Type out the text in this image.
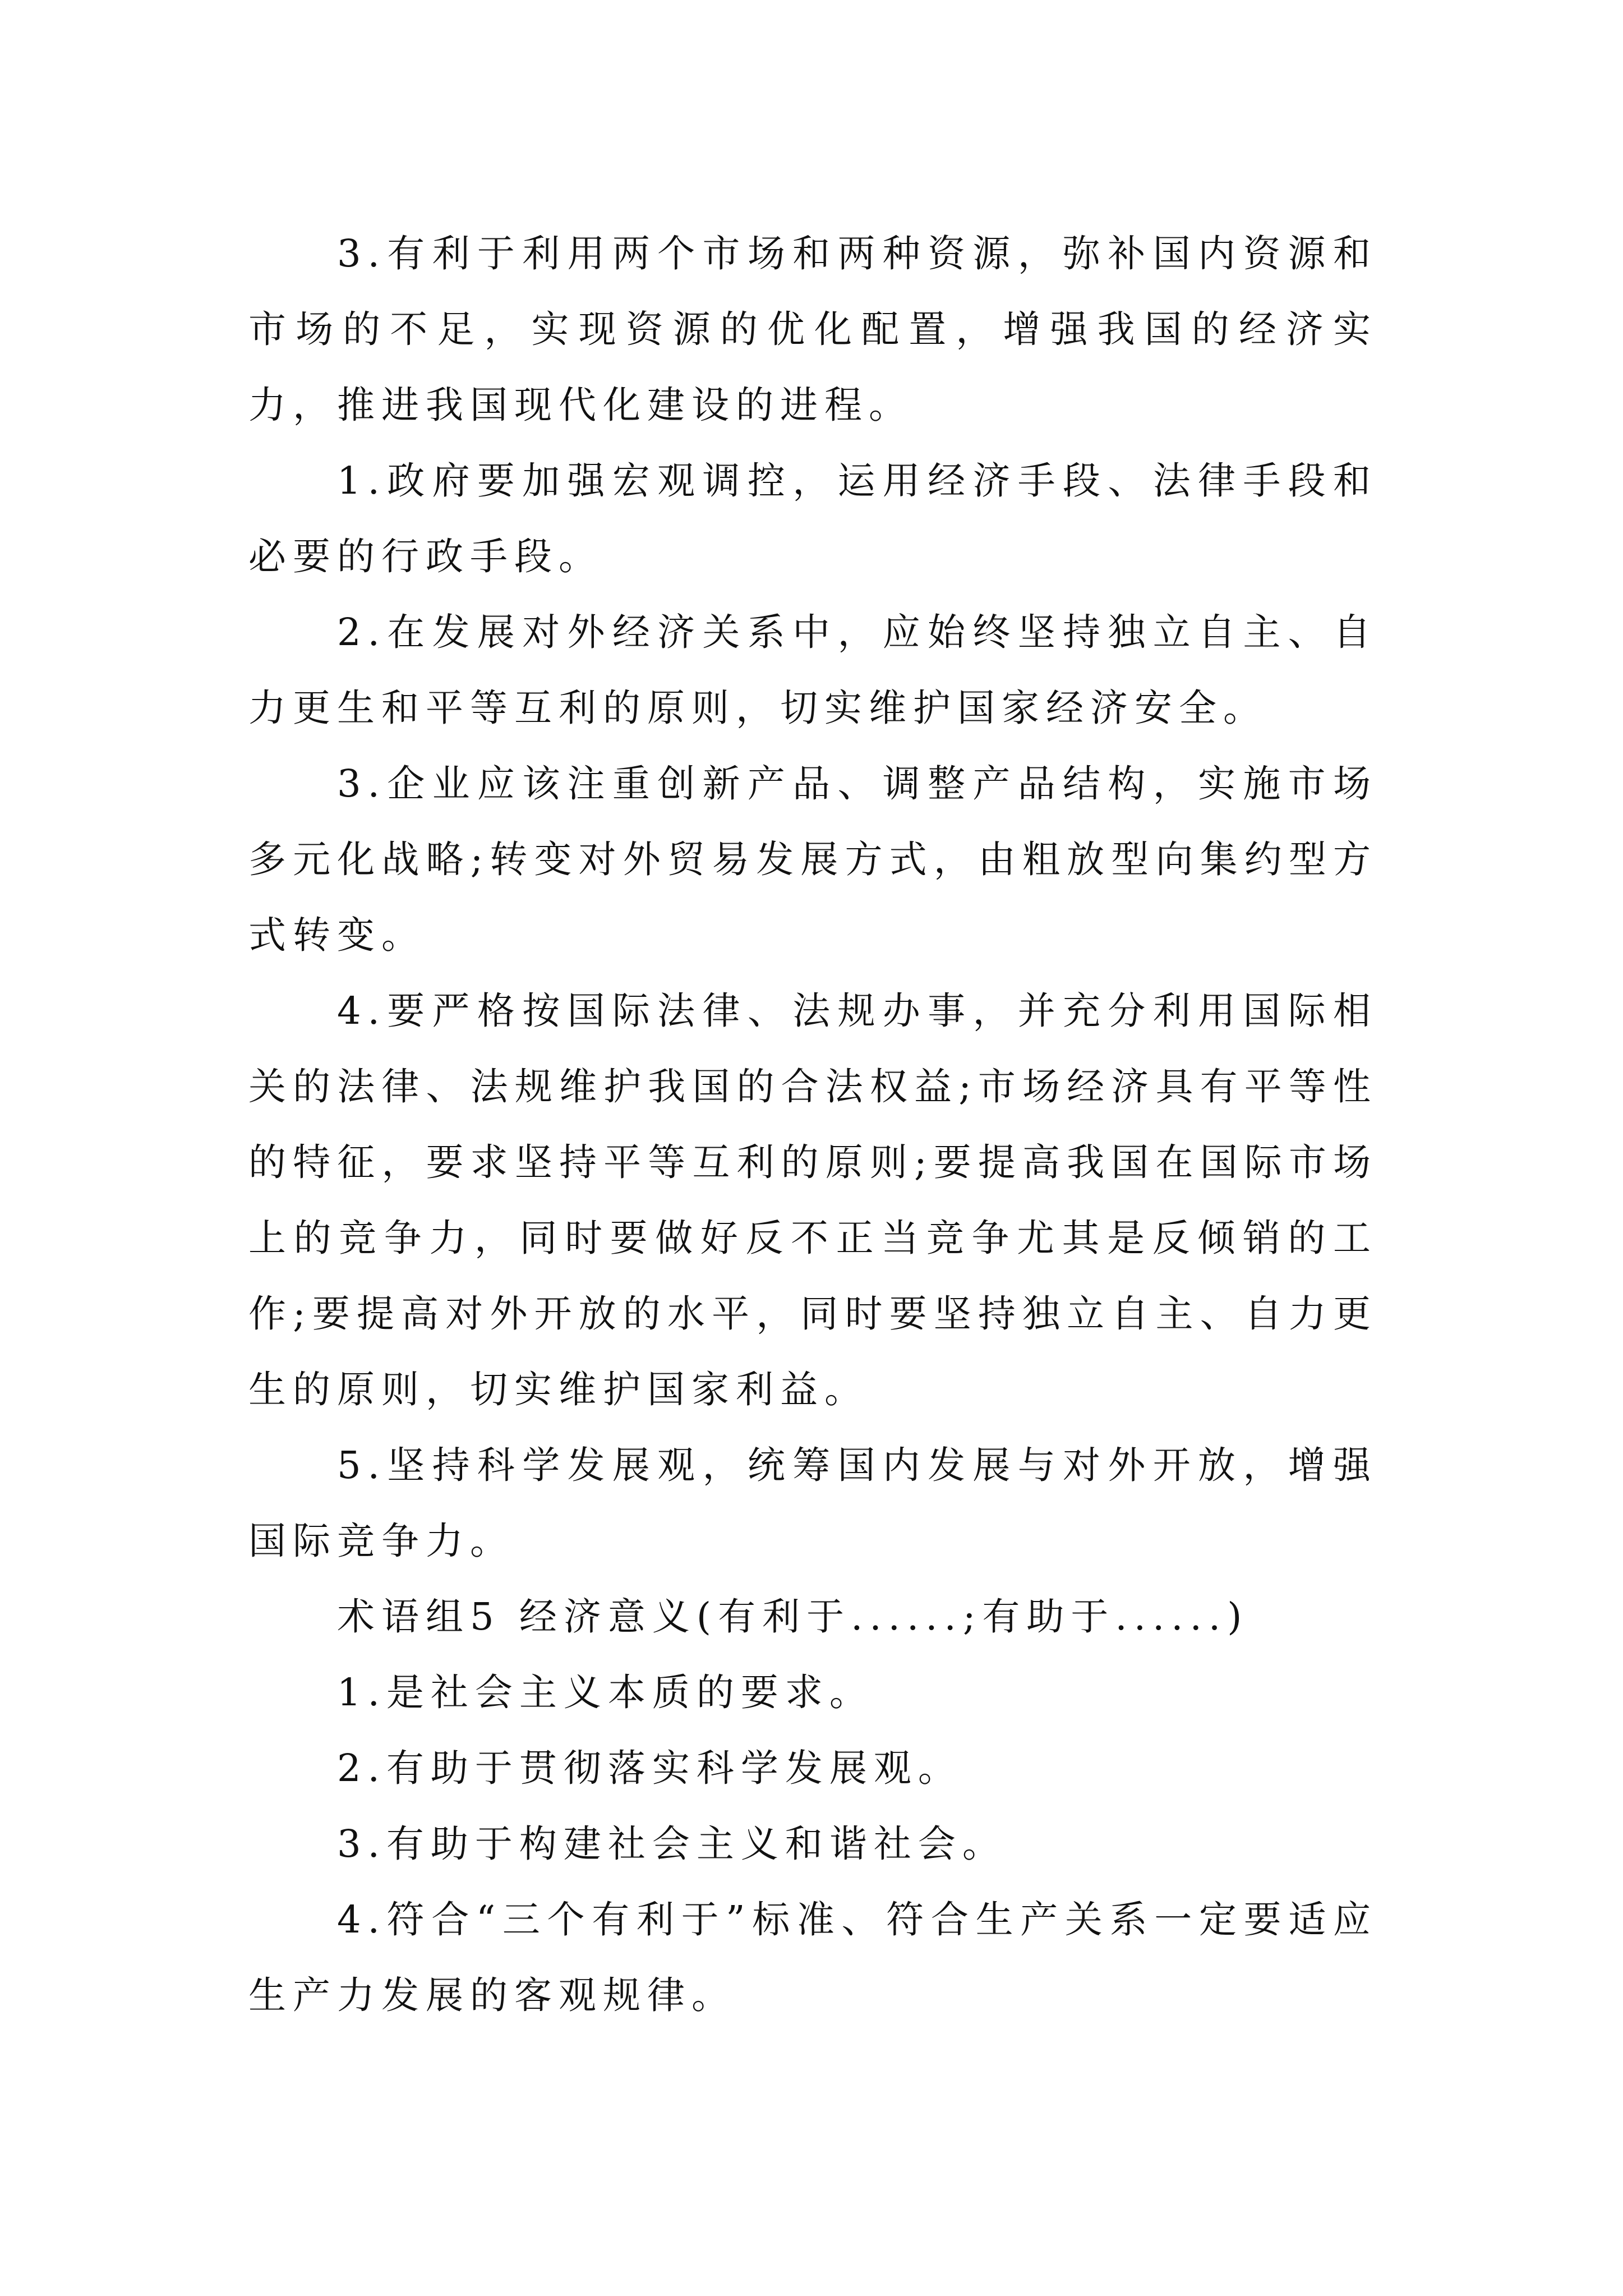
3.有利于利用两个市场和两种资源，弥补国内资源和市场的不足，实现资源的优化配置，增强我国的经济实力，推进我国现代化建设的进程。

1.政府要加强宏观调控，运用经济手段、法律手段和必要的行政手段。

2.在发展对外经济关系中，应始终坚持独立自主、自力更生和平等互利的原则，切实维护国家经济安全。

3.企业应该注重创新产品、调整产品结构，实施市场多元化战略;转变对外贸易发展方式，由粗放型向集约型方式转变。

4.要严格按国际法律、法规办事，并充分利用国际相关的法律、法规维护我国的合法权益;市场经济具有平等性的特征，要求坚持平等互利的原则;要提高我国在国际市场上的竞争力，同时要做好反不正当竞争尤其是反倾销的工作;要提高对外开放的水平，同时要坚持独立自主、自力更生的原则，切实维护国家利益。

5.坚持科学发展观，统筹国内发展与对外开放，增强国际竞争力。

术语组5 经济意义(有利于......;有助于......)

1.是社会主义本质的要求。

2.有助于贯彻落实科学发展观。

3.有助于构建社会主义和谐社会。

4.符合“三个有利于”标准、符合生产关系一定要适应生产力发展的客观规律。
